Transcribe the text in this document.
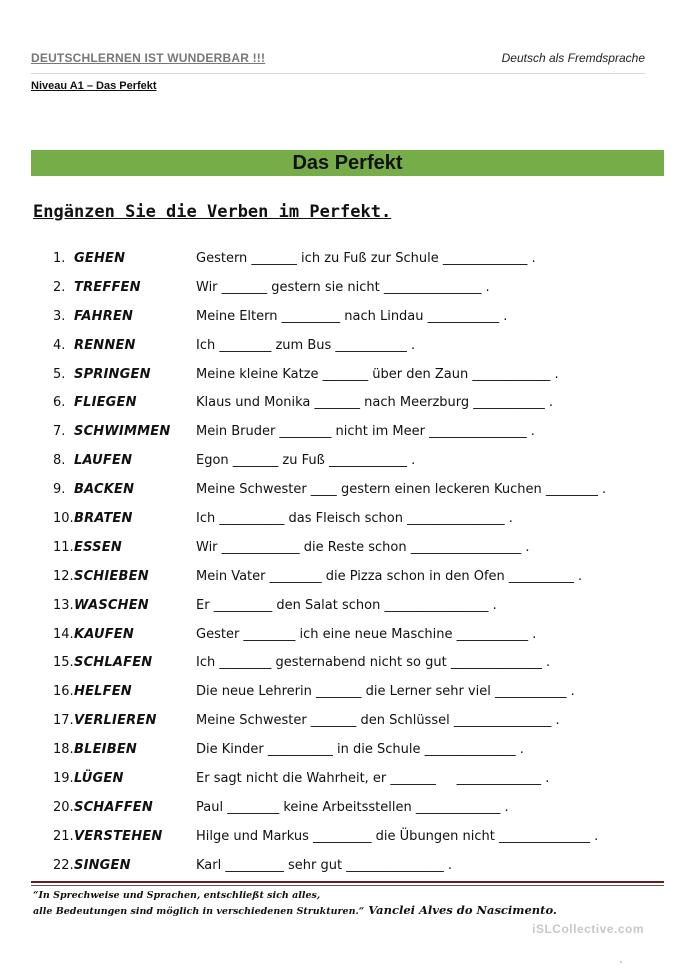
DEUTSCHLERNEN IST WUNDERBAR !!!	Deutsch als Fremdsprache
Niveau A1 – Das Perfekt
Das Perfekt
Engänzen Sie die Verben im Perfekt.
1. GEHEN	Gestern _______ ich zu Fuß zur Schule _____________ .
2. TREFFEN	Wir _______ gestern sie nicht _______________ .
3. FAHREN	Meine Eltern _________ nach Lindau ___________ .
4. RENNEN	Ich ________ zum Bus ___________ .
5. SPRINGEN	Meine kleine Katze _______ über den Zaun ____________ .
6. FLIEGEN	Klaus und Monika _______ nach Meerzburg ___________ .
7. SCHWIMMEN Mein Bruder ________ nicht im Meer _______________ .
8. LAUFEN	Egon _______ zu Fuß ____________ .
9. BACKEN	Meine Schwester ____ gestern einen leckeren Kuchen ________ .
10. BRATEN	Ich __________ das Fleisch schon _______________ .
11. ESSEN	Wir ____________ die Reste schon _________________ .
12. SCHIEBEN	Mein Vater ________ die Pizza schon in den Ofen __________ .
13. WASCHEN	Er _________ den Salat schon ________________ .
14. KAUFEN	Gester ________ ich eine neue Maschine ___________ .
15. SCHLAFEN	Ich ________ gesternabend nicht so gut ______________ .
16. HELFEN	Die neue Lehrerin _______ die Lerner sehr viel ___________ .
17. VERLIEREN	Meine Schwester _______ den Schlüssel _______________ .
18. BLEIBEN	Die Kinder __________ in die Schule ______________ .
19. LÜGEN	Er sagt nicht die Wahrheit, er _______     _____________ .
20. SCHAFFEN	Paul ________ keine Arbeitsstellen _____________ .
21. VERSTEHEN	Hilge und Markus _________ die Übungen nicht ______________ .
22. SINGEN	Karl _________ sehr gut _______________ .
“In Sprechweise und Sprachen, entschließt sich alles,
alle Bedeutungen sind möglich in verschiedenen Strukturen.“ Vanclei Alves do Nascimento.
iSLCollective.com
